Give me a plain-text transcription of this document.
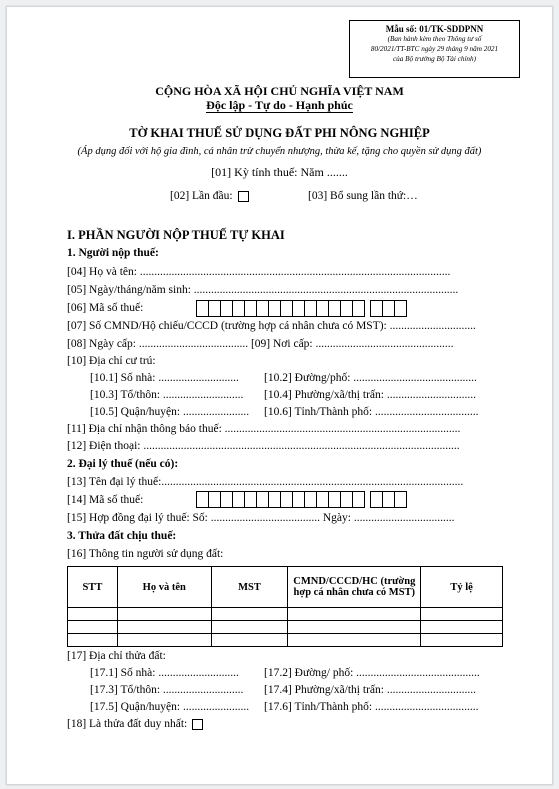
Mẫu số: 01/TK-SDDPNN
(Ban hành kèm theo Thông tư số
80/2021/TT-BTC ngày 29 tháng 9 năm 2021
của Bộ trưởng Bộ Tài chính)
CỘNG HÒA XÃ HỘI CHỦ NGHĨA VIỆT NAM
Độc lập - Tự do - Hạnh phúc
TỜ KHAI THUẾ SỬ DỤNG ĐẤT PHI NÔNG NGHIỆP
(Áp dụng đối với hộ gia đình, cá nhân trừ chuyển nhượng, thừa kế, tặng cho quyền sử dụng đất)
[01] Kỳ tính thuế: Năm .......
[02] Lần đầu:	[03] Bổ sung lần thứ:…
I. PHẦN NGƯỜI NỘP THUẾ TỰ KHAI
1. Người nộp thuế:
[04] Họ và tên: ............................................................................................................
[05] Ngày/tháng/năm sinh: ............................................................................................
[06] Mã số thuế:
[07] Số CMND/Hộ chiếu/CCCD (trường hợp cá nhân chưa có MST): ..............................
[08] Ngày cấp: ...................................... [09] Nơi cấp: ................................................
[10] Địa chỉ cư trú:
[10.1] Số nhà: ............................ [10.2] Đường/phố: ...........................................
[10.3] Tổ/thôn: ............................ [10.4] Phường/xã/thị trấn: ...............................
[10.5] Quận/huyện: ....................... [10.6] Tỉnh/Thành phố: ....................................
[11] Địa chỉ nhận thông báo thuế: ..................................................................................
[12] Điện thoại: ..............................................................................................................
2. Đại lý thuế (nếu có):
[13] Tên đại lý thuế:.........................................................................................................
[14] Mã số thuế:
[15] Hợp đồng đại lý thuế: Số: ...................................... Ngày: ...................................
3. Thửa đất chịu thuế:
[16] Thông tin người sử dụng đất:
STT	Họ và tên	MST	CMND/CCCD/HC (trường hợp cá nhân chưa có MST)	Tỷ lệ

[17] Địa chỉ thửa đất:
[17.1] Số nhà: ............................ [17.2] Đường/ phố: ...........................................
[17.3] Tổ/thôn: ............................ [17.4] Phường/xã/thị trấn: ...............................
[17.5] Quận/huyện: ....................... [17.6] Tỉnh/Thành phố: ....................................
[18] Là thửa đất duy nhất:
